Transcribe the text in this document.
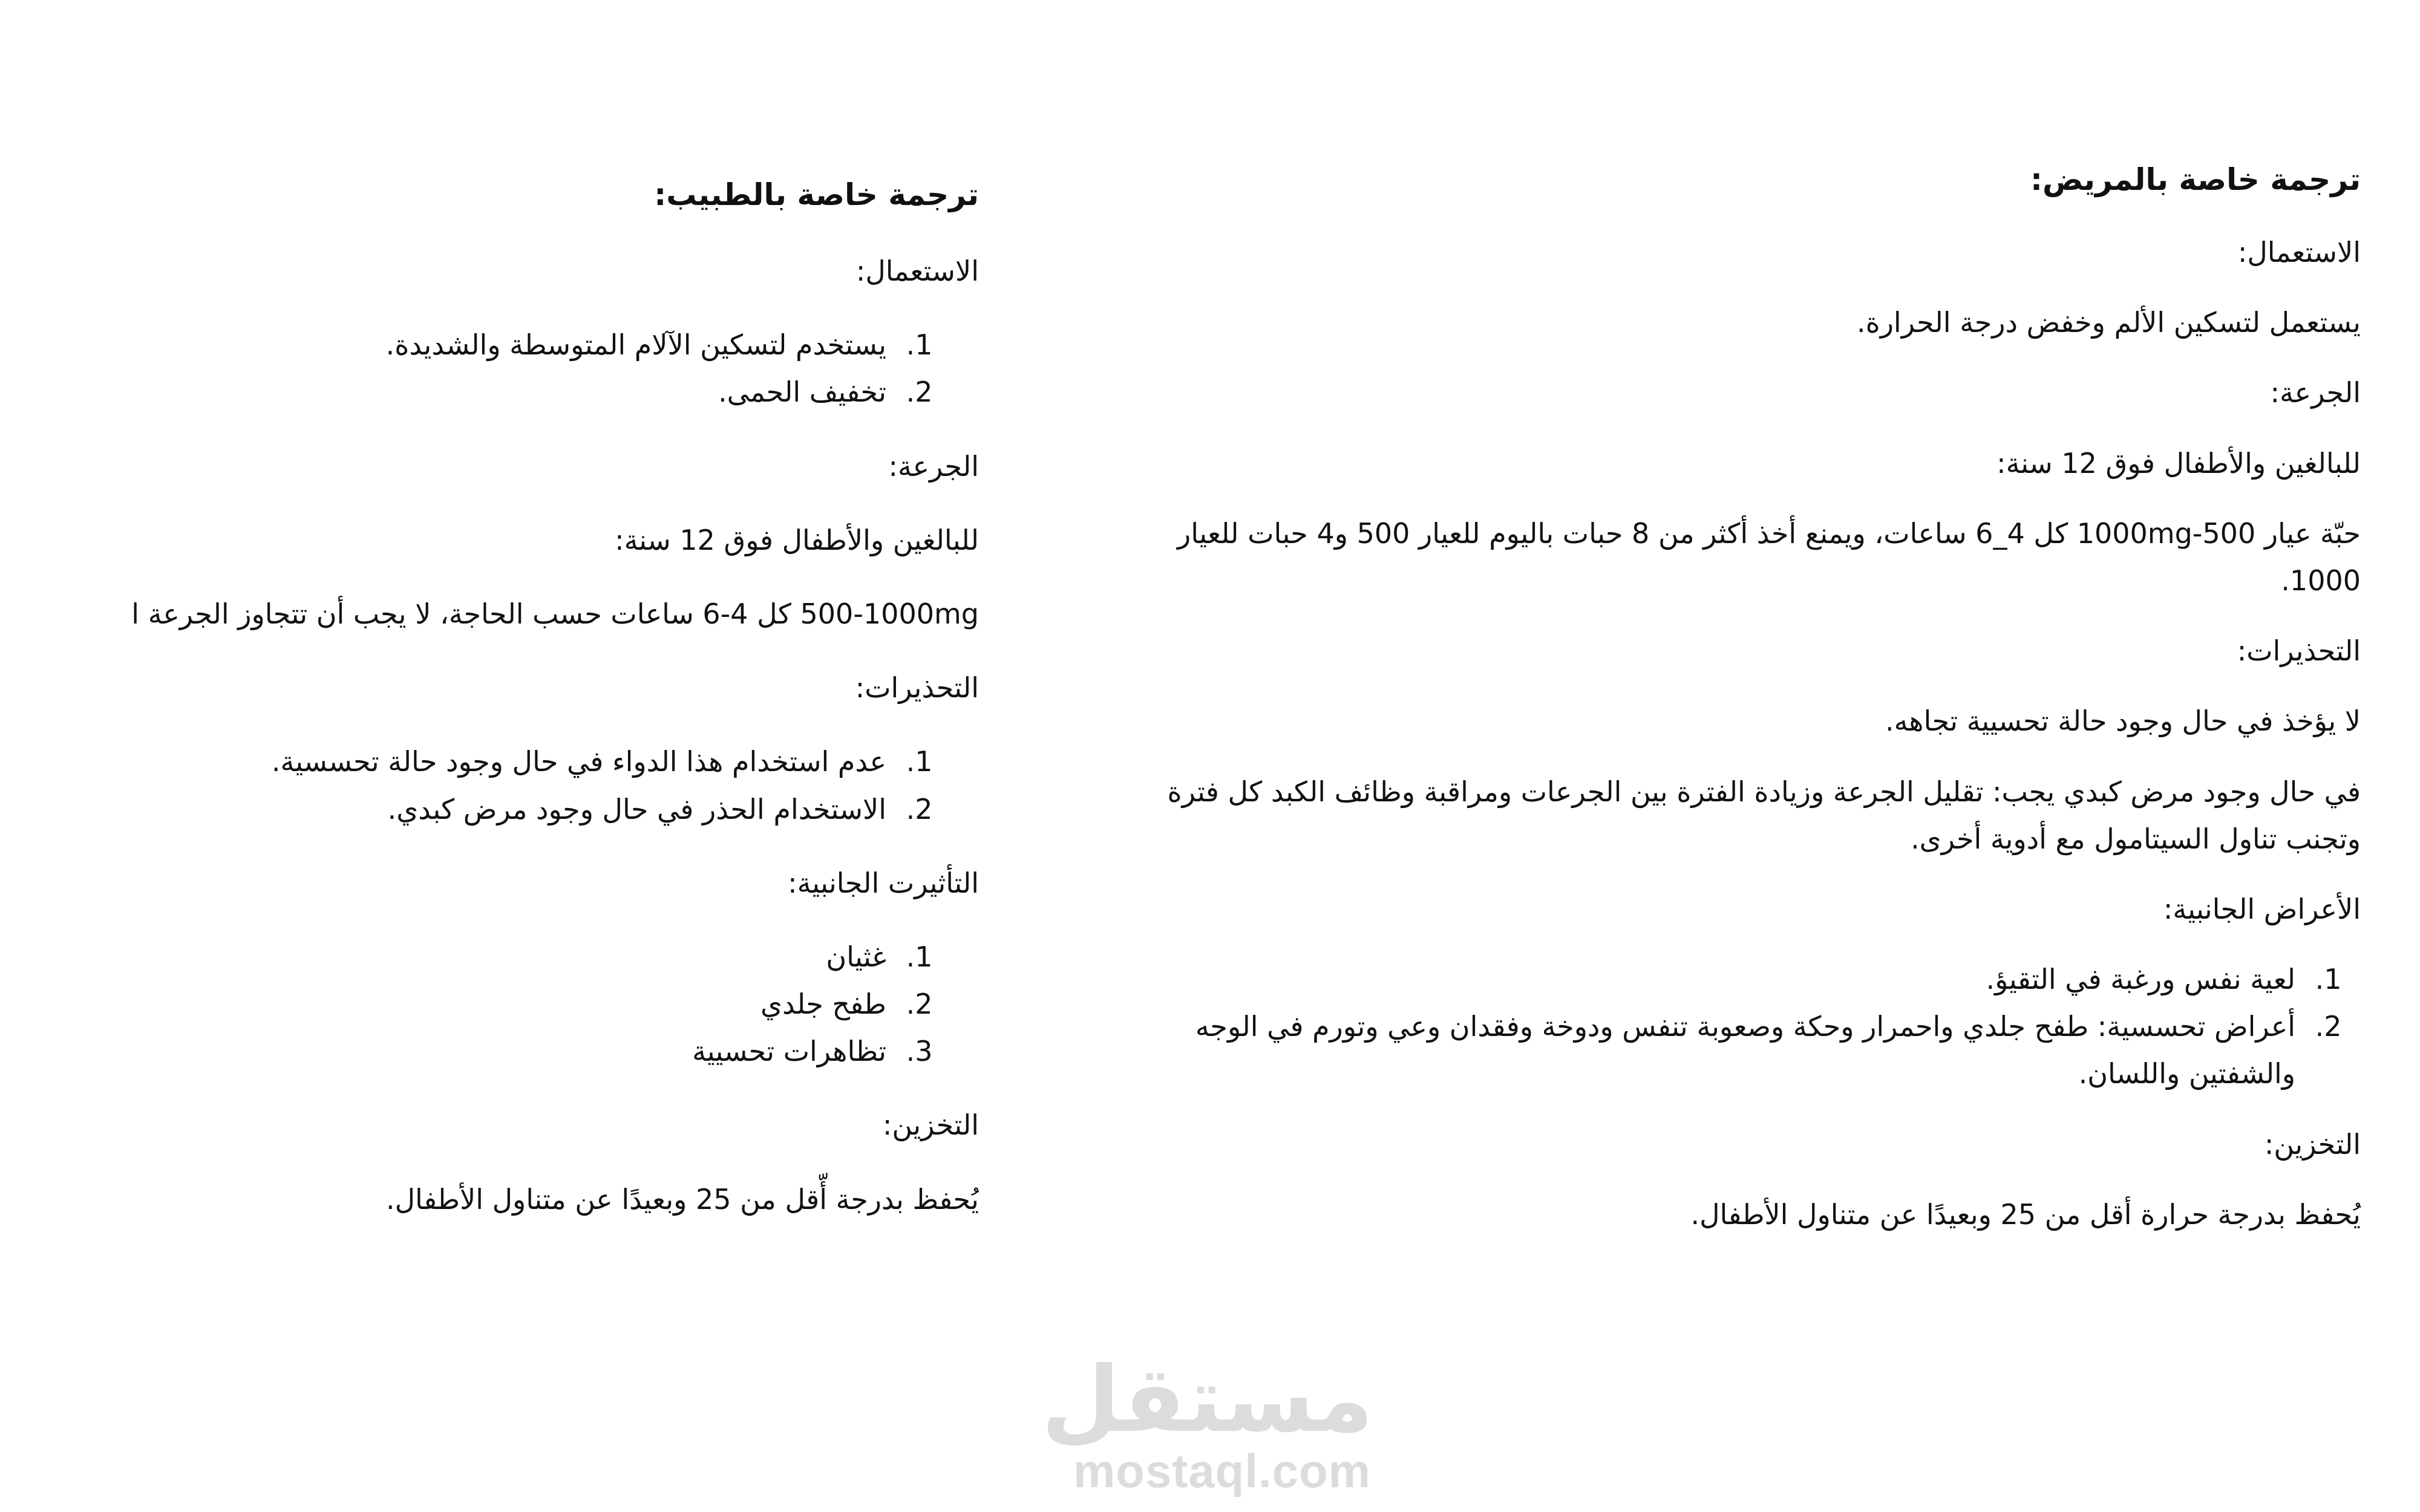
ترجمة خاصة بالمريض:

الاستعمال:

يستعمل لتسكين الألم وخفض درجة الحرارة.

الجرعة:

للبالغين والأطفال فوق 12 سنة:

حبّة عيار 500-1000mg كل 4_6 ساعات، ويمنع أخذ أكثر من 8 حبات باليوم للعيار 500 و4 حبات للعيار 1000.

التحذيرات:

لا يؤخذ في حال وجود حالة تحسيية تجاهه.

في حال وجود مرض كبدي يجب: تقليل الجرعة وزيادة الفترة بين الجرعات ومراقبة وظائف الكبد كل فترة وتجنب تناول السيتامول مع أدوية أخرى.

الأعراض الجانبية:

1. لعية نفس ورغبة في التقيؤ.
2. أعراض تحسسية: طفح جلدي واحمرار وحكة وصعوبة تنفس ودوخة وفقدان وعي وتورم في الوجه والشفتين واللسان.

التخزين:

يُحفظ بدرجة حرارة أقل من 25 وبعيدًا عن متناول الأطفال.

ترجمة خاصة بالطبيب:

الاستعمال:

1. يستخدم لتسكين الآلام المتوسطة والشديدة.
2. تخفيف الحمى.

الجرعة:

للبالغين والأطفال فوق 12 سنة:

500-1000mg كل 4-6 ساعات حسب الحاجة، لا يجب أن تتجاوز الجرعة ا

التحذيرات:

1. عدم استخدام هذا الدواء في حال وجود حالة تحسسية.
2. الاستخدام الحذر في حال وجود مرض كبدي.

التأثيرت الجانبية:

1. غثيان
2. طفح جلدي
3. تظاهرات تحسيية

التخزين:

يُحفظ بدرجة أّقل من 25 وبعيدًا عن متناول الأطفال.

مستقل
mostaql.com
